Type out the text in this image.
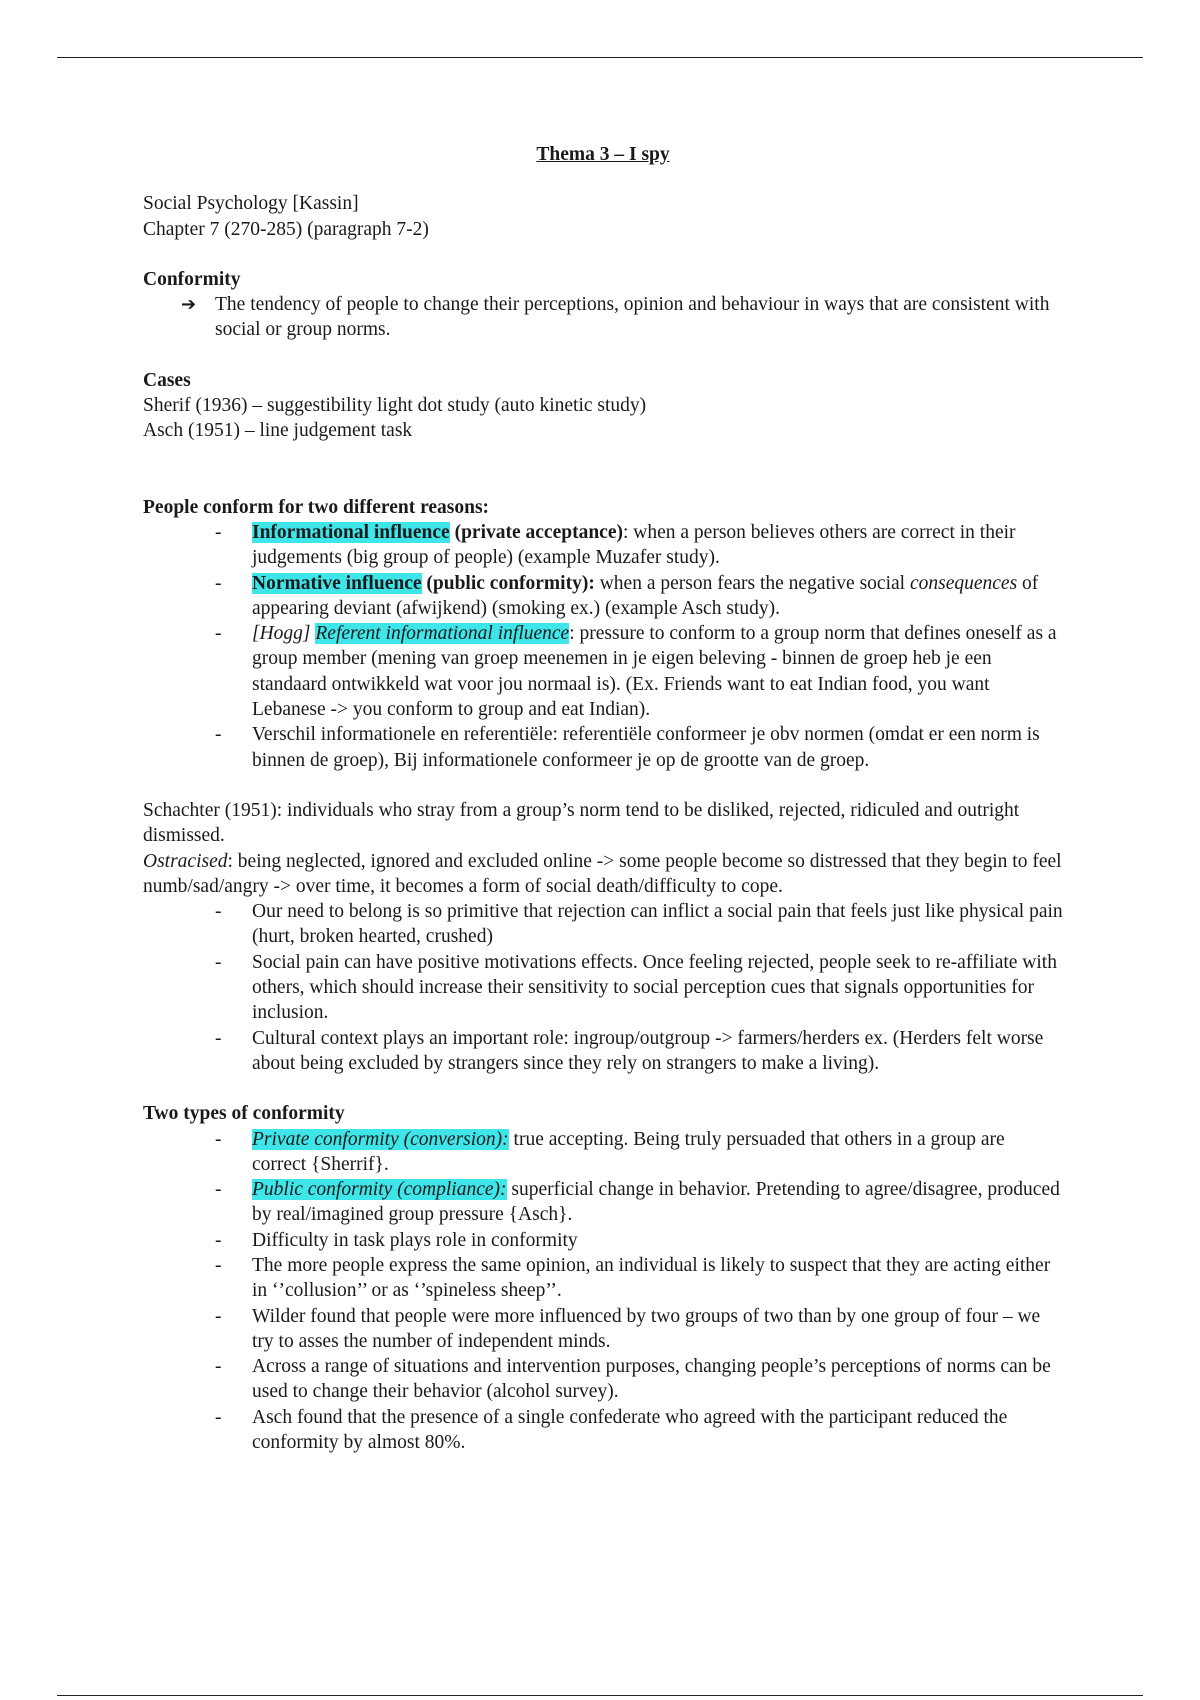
Thema 3 – I spy

Social Psychology [Kassin]

Chapter 7 (270-285) (paragraph 7-2)

Conformity

➔ The tendency of people to change their perceptions, opinion and behaviour in ways that are consistent with social or group norms.

Cases

Sherif (1936) – suggestibility light dot study (auto kinetic study)

Asch (1951) – line judgement task

People conform for two different reasons:

- Informational influence (private acceptance): when a person believes others are correct in their judgements (big group of people) (example Muzafer study).
- Normative influence (public conformity): when a person fears the negative social consequences of appearing deviant (afwijkend) (smoking ex.) (example Asch study).
- [Hogg] Referent informational influence: pressure to conform to a group norm that defines oneself as a group member (mening van groep meenemen in je eigen beleving - binnen de groep heb je een standaard ontwikkeld wat voor jou normaal is). (Ex. Friends want to eat Indian food, you want Lebanese -> you conform to group and eat Indian).
- Verschil informationele en referentiële: referentiële conformeer je obv normen (omdat er een norm is binnen de groep), Bij informationele conformeer je op de grootte van de groep.

Schachter (1951): individuals who stray from a group’s norm tend to be disliked, rejected, ridiculed and outright dismissed.

Ostracised: being neglected, ignored and excluded online -> some people become so distressed that they begin to feel numb/sad/angry -> over time, it becomes a form of social death/difficulty to cope.

- Our need to belong is so primitive that rejection can inflict a social pain that feels just like physical pain (hurt, broken hearted, crushed)
- Social pain can have positive motivations effects. Once feeling rejected, people seek to re-affiliate with others, which should increase their sensitivity to social perception cues that signals opportunities for inclusion.
- Cultural context plays an important role: ingroup/outgroup -> farmers/herders ex. (Herders felt worse about being excluded by strangers since they rely on strangers to make a living).

Two types of conformity

- Private conformity (conversion): true accepting. Being truly persuaded that others in a group are correct {Sherrif}.
- Public conformity (compliance): superficial change in behavior. Pretending to agree/disagree, produced by real/imagined group pressure {Asch}.
- Difficulty in task plays role in conformity
- The more people express the same opinion, an individual is likely to suspect that they are acting either in ‘’collusion’’ or as ‘’spineless sheep’’.
- Wilder found that people were more influenced by two groups of two than by one group of four – we try to asses the number of independent minds.
- Across a range of situations and intervention purposes, changing people’s perceptions of norms can be used to change their behavior (alcohol survey).
- Asch found that the presence of a single confederate who agreed with the participant reduced the conformity by almost 80%.
